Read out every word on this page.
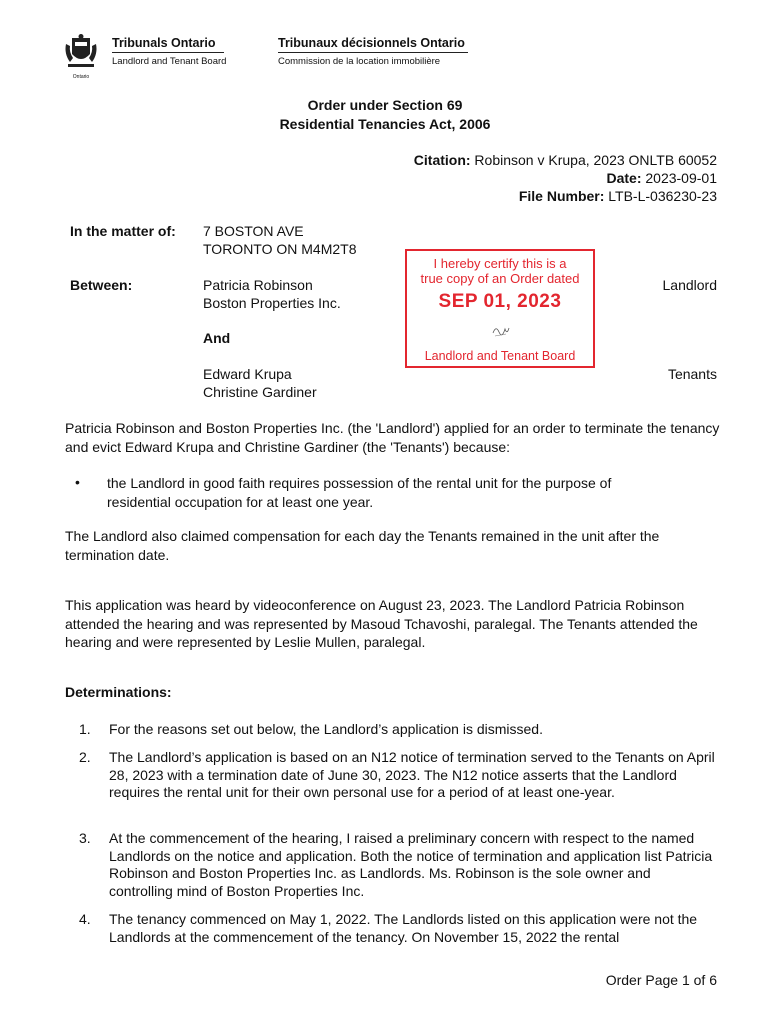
Ontario
Tribunals Ontario
Landlord and Tenant Board
Tribunaux décisionnels Ontario
Commission de la location immobilière
Order under Section 69
Residential Tenancies Act, 2006
Citation: Robinson v Krupa, 2023 ONLTB 60052
Date: 2023-09-01
File Number: LTB-L-036230-23
In the matter of: 7 BOSTON AVE
TORONTO ON M4M2T8
Between:	Patricia Robinson
Boston Properties Inc.
Landlord
And
Edward Krupa
Christine Gardiner
Tenants
I hereby certify this is a
true copy of an Order dated
SEP 01, 2023
Landlord and Tenant Board
Patricia Robinson and Boston Properties Inc. (the 'Landlord') applied for an order to terminate the tenancy and evict Edward Krupa and Christine Gardiner (the 'Tenants') because:
• the Landlord in good faith requires possession of the rental unit for the purpose of residential occupation for at least one year.
The Landlord also claimed compensation for each day the Tenants remained in the unit after the termination date.
This application was heard by videoconference on August 23, 2023. The Landlord Patricia Robinson attended the hearing and was represented by Masoud Tchavoshi, paralegal. The Tenants attended the hearing and were represented by Leslie Mullen, paralegal.
Determinations:
1. For the reasons set out below, the Landlord’s application is dismissed.
2. The Landlord’s application is based on an N12 notice of termination served to the Tenants on April 28, 2023 with a termination date of June 30, 2023. The N12 notice asserts that the Landlord requires the rental unit for their own personal use for a period of at least one-year.
3. At the commencement of the hearing, I raised a preliminary concern with respect to the named Landlords on the notice and application. Both the notice of termination and application list Patricia Robinson and Boston Properties Inc. as Landlords. Ms. Robinson is the sole owner and controlling mind of Boston Properties Inc.
4. The tenancy commenced on May 1, 2022. The Landlords listed on this application were not the Landlords at the commencement of the tenancy. On November 15, 2022 the rental
Order Page 1 of 6
